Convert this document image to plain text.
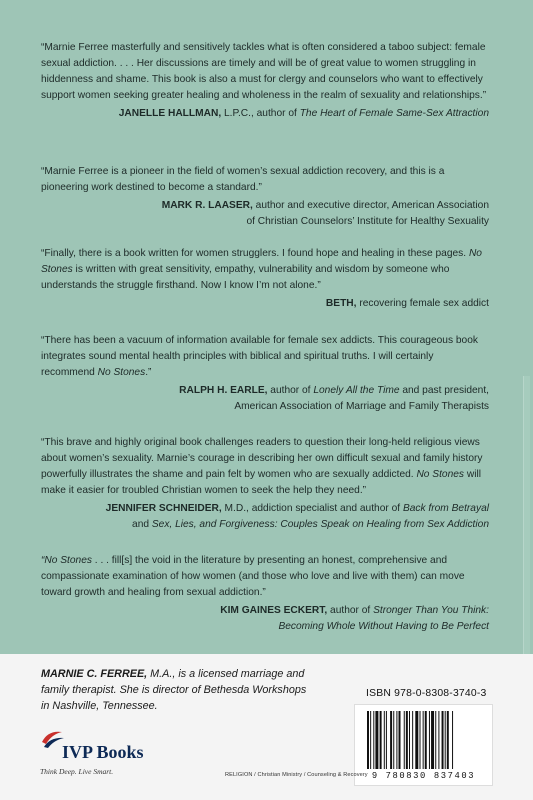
“Marnie Ferree masterfully and sensitively tackles what is often considered a taboo subject: female sexual addiction. . . . Her discussions are timely and will be of great value to women struggling in hiddenness and shame. This book is also a must for clergy and counselors who want to effectively support women seeking greater healing and wholeness in the realm of sexuality and relationships.”

JANELLE HALLMAN, L.P.C., author of The Heart of Female Same-Sex Attraction

“Marnie Ferree is a pioneer in the field of women’s sexual addiction recovery, and this is a pioneering work destined to become a standard.”

MARK R. LAASER, author and executive director, American Association
of Christian Counselors’ Institute for Healthy Sexuality

“Finally, there is a book written for women strugglers. I found hope and healing in these pages. No Stones is written with great sensitivity, empathy, vulnerability and wisdom by someone who understands the struggle firsthand. Now I know I’m not alone.”

BETH, recovering female sex addict

“There has been a vacuum of information available for female sex addicts. This courageous book integrates sound mental health principles with biblical and spiritual truths. I will certainly recommend No Stones.”

RALPH H. EARLE, author of Lonely All the Time and past president,
American Association of Marriage and Family Therapists

“This brave and highly original book challenges readers to question their long-held religious views about women’s sexuality. Marnie’s courage in describing her own difficult sexual and family history powerfully illustrates the shame and pain felt by women who are sexually addicted. No Stones will make it easier for troubled Christian women to seek the help they need.”

JENNIFER SCHNEIDER, M.D., addiction specialist and author of Back from Betrayal
and Sex, Lies, and Forgiveness: Couples Speak on Healing from Sex Addiction

“No Stones . . . fill[s] the void in the literature by presenting an honest, comprehensive and compassionate examination of how women (and those who love and live with them) can move toward growth and healing from sexual addiction.”

KIM GAINES ECKERT, author of Stronger Than You Think:
Becoming Whole Without Having to Be Perfect
MARNIE C. FERREE, M.A., is a licensed marriage and family therapist. She is director of Bethesda Workshops in Nashville, Tennessee.
ISBN 978-0-8308-3740-3
9 780830 837403
IVP Books
Think Deep. Live Smart.	RELIGION / Christian Ministry / Counseling & Recovery
